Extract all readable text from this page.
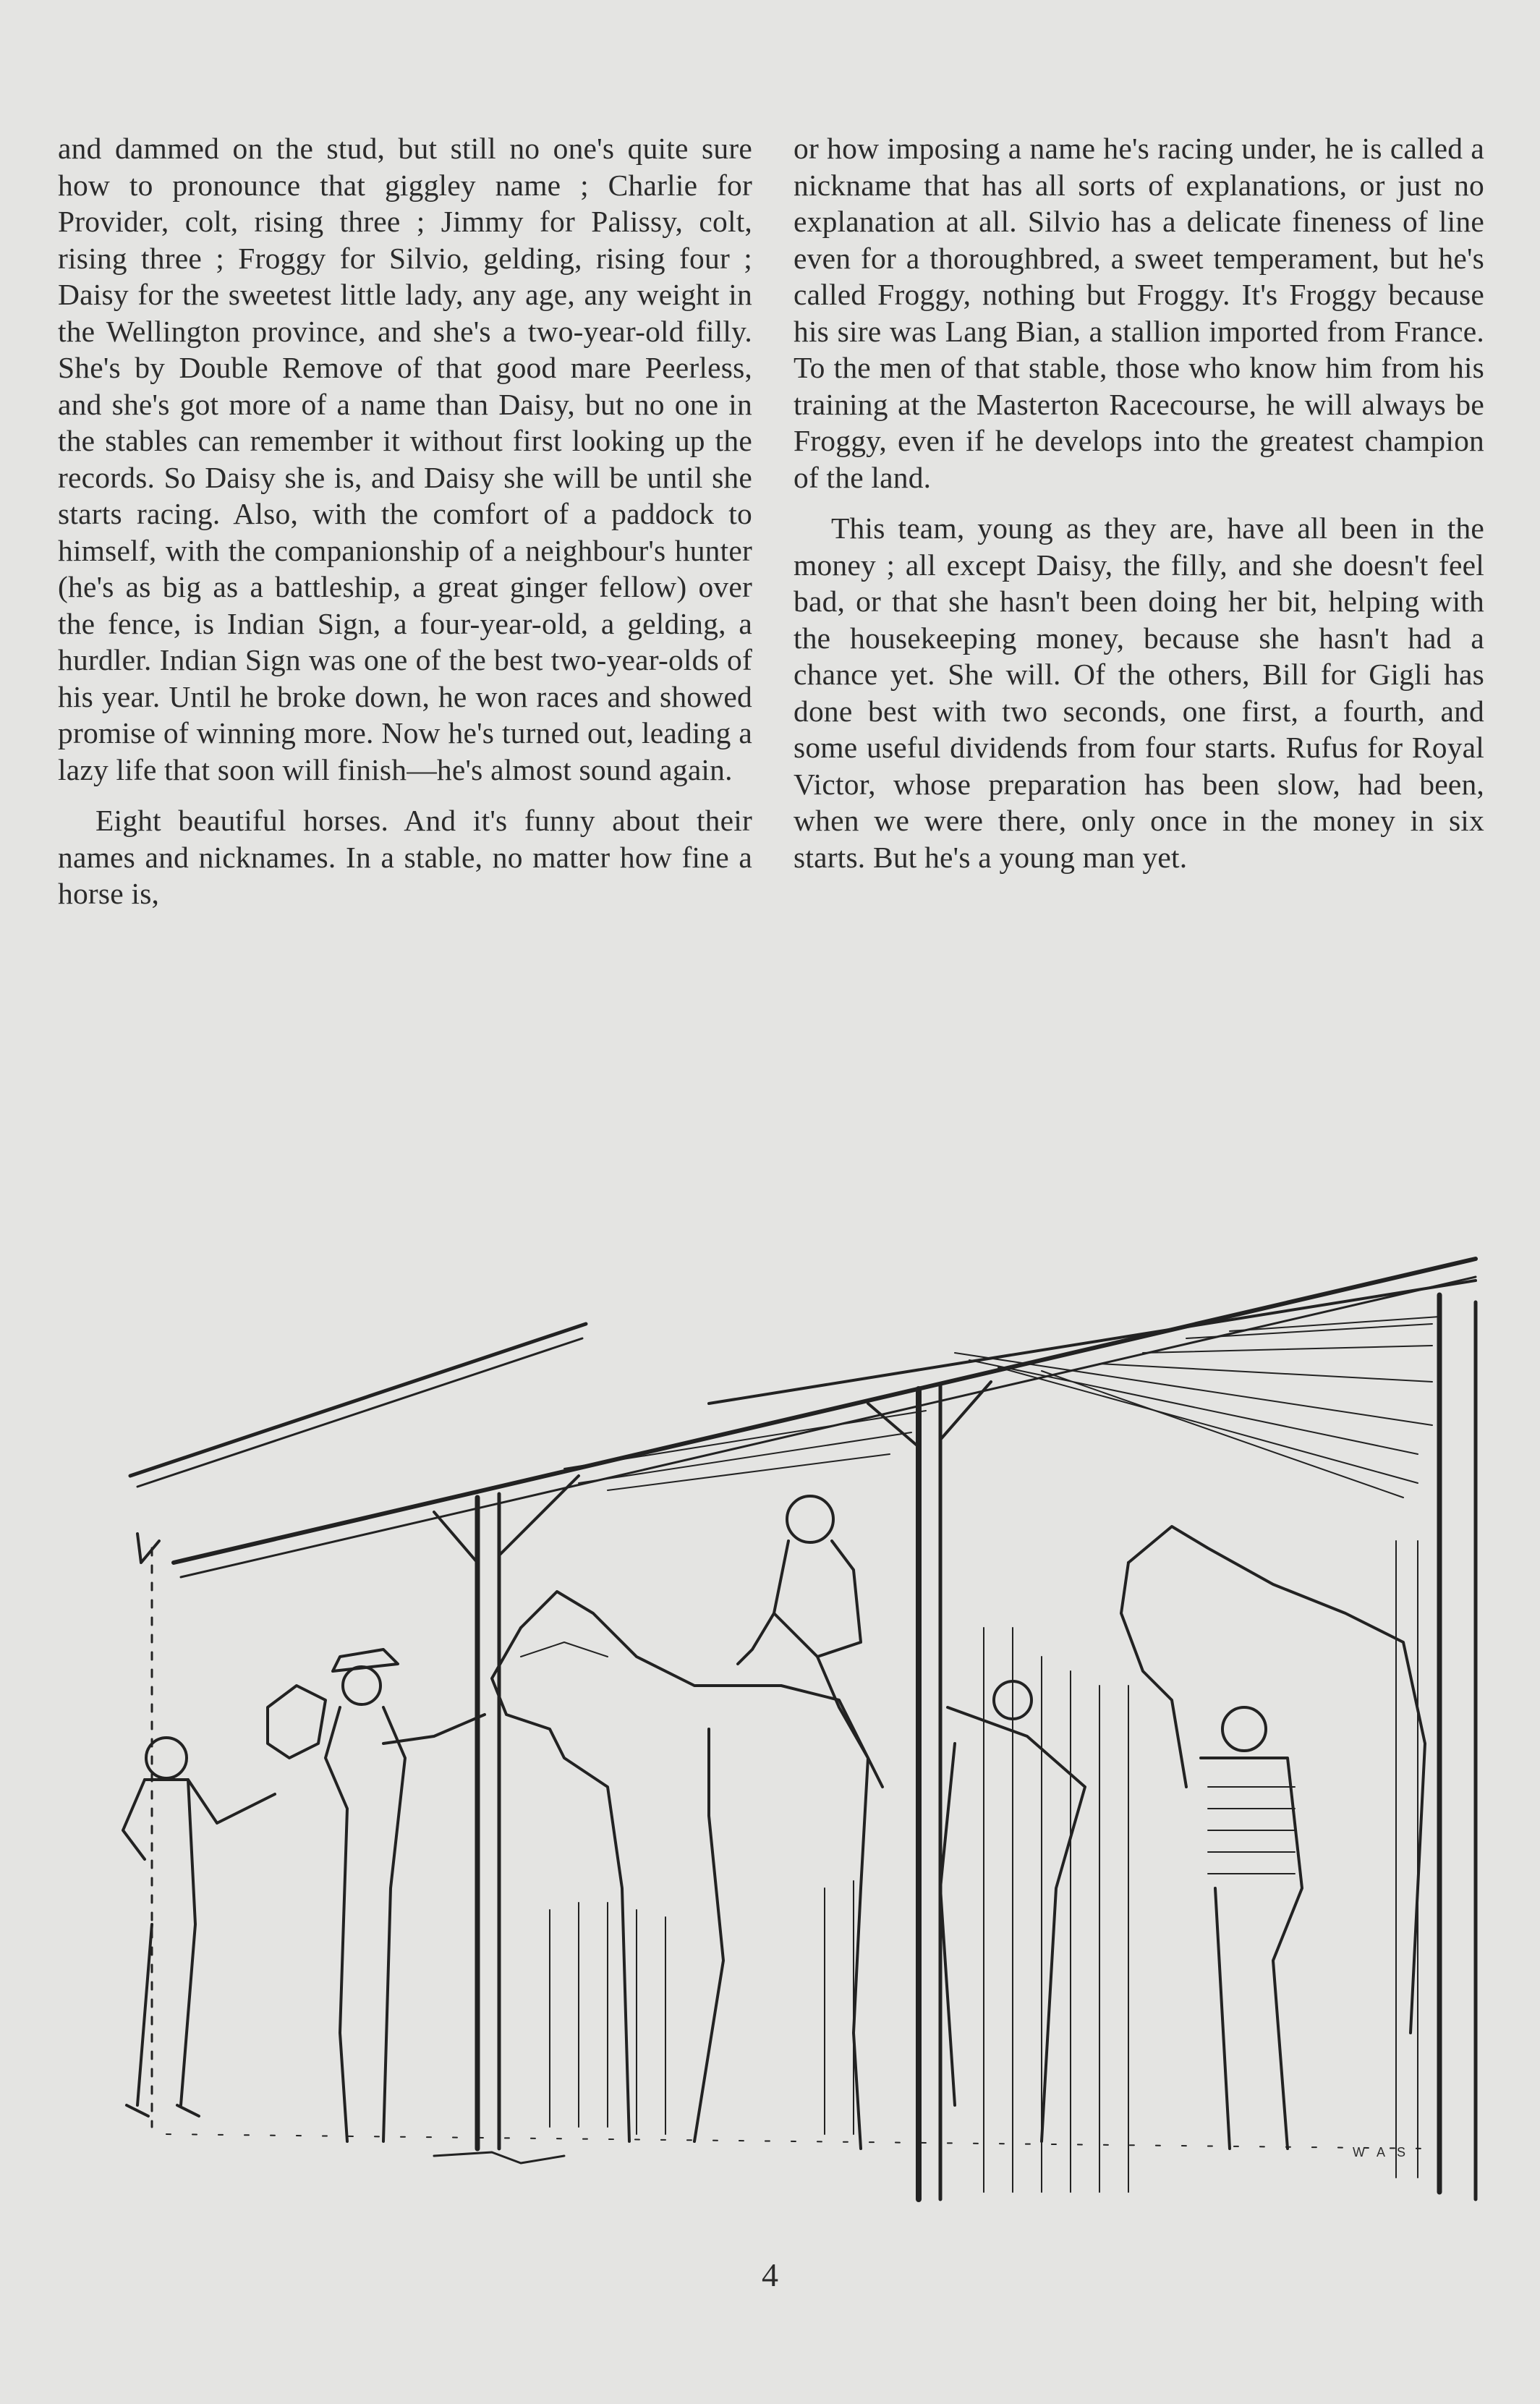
and dammed on the stud, but still no one's quite sure how to pronounce that giggley name ; Charlie for Provider, colt, rising three ; Jimmy for Palissy, colt, rising three ; Froggy for Silvio, gelding, rising four ; Daisy for the sweetest little lady, any age, any weight in the Wellington province, and she's a two-year-old filly. She's by Double Remove of that good mare Peerless, and she's got more of a name than Daisy, but no one in the stables can remember it without first looking up the records. So Daisy she is, and Daisy she will be until she starts racing. Also, with the comfort of a paddock to himself, with the companionship of a neighbour's hunter (he's as big as a battleship, a great ginger fellow) over the fence, is Indian Sign, a four-year-old, a gelding, a hurdler. Indian Sign was one of the best two-year-olds of his year. Until he broke down, he won races and showed promise of winning more. Now he's turned out, leading a lazy life that soon will finish—he's almost sound again.

Eight beautiful horses. And it's funny about their names and nicknames. In a stable, no matter how fine a horse is,

or how imposing a name he's racing under, he is called a nickname that has all sorts of explanations, or just no explanation at all. Silvio has a delicate fineness of line even for a thoroughbred, a sweet temperament, but he's called Froggy, nothing but Froggy. It's Froggy because his sire was Lang Bian, a stallion imported from France. To the men of that stable, those who know him from his training at the Masterton Racecourse, he will always be Froggy, even if he develops into the greatest champion of the land.

This team, young as they are, have all been in the money ; all except Daisy, the filly, and she doesn't feel bad, or that she hasn't been doing her bit, helping with the housekeeping money, because she hasn't had a chance yet. She will. Of the others, Bill for Gigli has done best with two seconds, one first, a fourth, and some useful dividends from four starts. Rufus for Royal Victor, whose preparation has been slow, had been, when we were there, only once in the money in six starts. But he's a young man yet.

W A S
4
